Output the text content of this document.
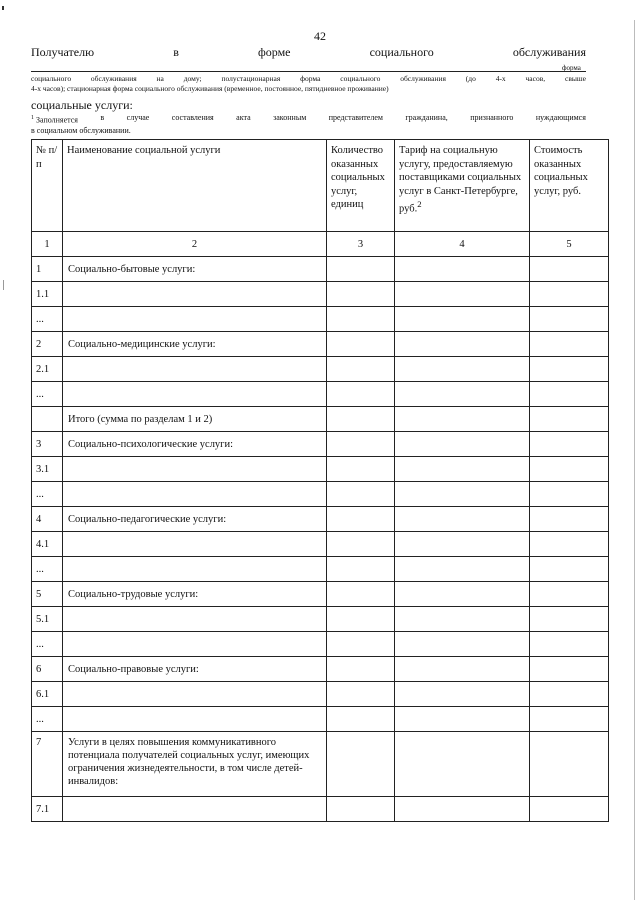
42
Получателю	в	форме	социального	обслуживания
форма
социального	обслуживания	на	дому;	полустационарная	форма	социального	обслуживания	(до	4-х	часов,	свыше
4-х часов); стационарная форма социального обслуживания (временное, постоянное, пятидневное проживание)
социальные услуги:
$^1$ Заполняется	в	случае	составления	акта	законным	представителем	гражданина,	признанного	нуждающимся
в социальном обслуживании.
№ п/п	Наименование социальной услуги	Количество оказанных социальных услуг, единиц	Тариф на социальную услугу, предоставляемую поставщиками социальных услуг в Санкт-Петербурге, руб.$^2$	Стоимость оказанных социальных услуг, руб.
1	2	3	4	5
1	Социально-бытовые услуги:			
1.1				
...				
2	Социально-медицинские услуги:			
2.1				
...				
	Итого (сумма по разделам 1 и 2)			
3	Социально-психологические услуги:			
3.1				
...				
4	Социально-педагогические услуги:			
4.1				
...				
5	Социально-трудовые услуги:			
5.1				
...				
6	Социально-правовые услуги:			
6.1				
...				
7	Услуги в целях повышения коммуникативного потенциала получателей социальных услуг, имеющих ограничения жизнедеятельности, в том числе детей-инвалидов:			
7.1				
